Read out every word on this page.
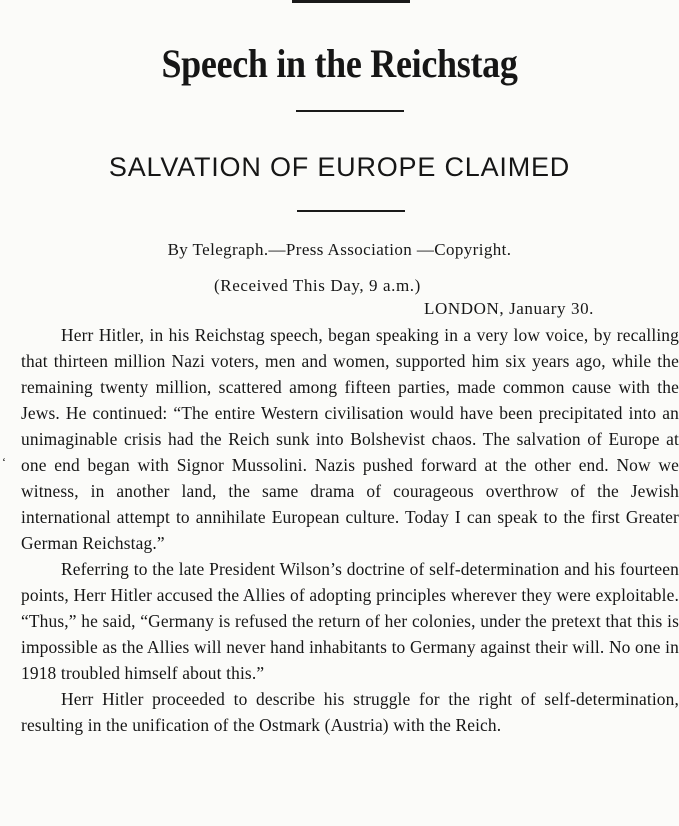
Speech in the Reichstag
SALVATION OF EUROPE CLAIMED
By Telegraph.—Press Association —Copyright.
(Received This Day, 9 a.m.)
LONDON, January 30.
‘

Herr Hitler, in his Reichstag speech, began speaking in a very low voice, by recalling that thirteen million Nazi voters, men and women, supported him six years ago, while the remaining twenty million, scattered among fifteen parties, made common cause with the Jews. He continued: “The entire Western civilisation would have been precipitated into an unimaginable crisis had the Reich sunk into Bolshevist chaos. The salvation of Europe at one end began with Signor Mussolini. Nazis pushed forward at the other end. Now we witness, in another land, the same drama of courageous overthrow of the Jewish international attempt to annihilate European culture. Today I can speak to the first Greater German Reichstag.”

Referring to the late President Wilson’s doctrine of self-determination and his fourteen points, Herr Hitler accused the Allies of adopting principles wherever they were exploitable. “Thus,” he said, “Germany is refused the return of her colonies, under the pretext that this is impossible as the Allies will never hand inhabitants to Germany against their will. No one in 1918 troubled himself about this.”

Herr Hitler proceeded to describe his struggle for the right of self-determination, resulting in the unification of the Ostmark (Austria) with the Reich.
